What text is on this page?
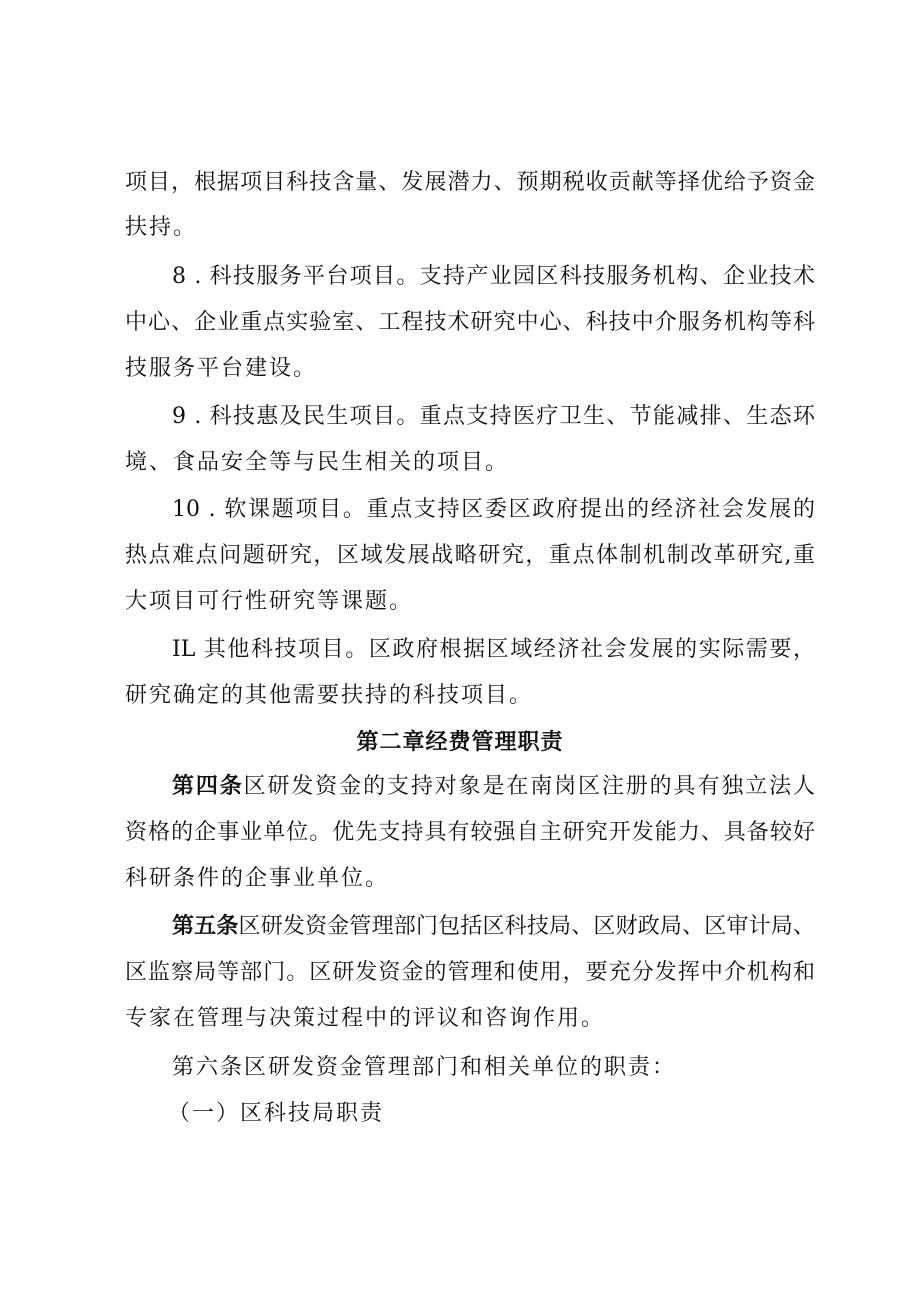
项目，根据项目科技含量、发展潜力、预期税收贡献等择优给予资金
扶持。
8 . 科技服务平台项目。支持产业园区科技服务机构、企业技术
中心、企业重点实验室、工程技术研究中心、科技中介服务机构等科
技服务平台建设。
9 . 科技惠及民生项目。重点支持医疗卫生、节能减排、生态环
境、食品安全等与民生相关的项目。
10 . 软课题项目。重点支持区委区政府提出的经济社会发展的
热点难点问题研究，区域发展战略研究，重点体制机制改革研究,重
大项目可行性研究等课题。
IL 其他科技项目。区政府根据区域经济社会发展的实际需要，
研究确定的其他需要扶持的科技项目。
第二章经费管理职责
第四条区研发资金的支持对象是在南岗区注册的具有独立法人
资格的企事业单位。优先支持具有较强自主研究开发能力、具备较好
科研条件的企事业单位。
第五条区研发资金管理部门包括区科技局、区财政局、区审计局、
区监察局等部门。区研发资金的管理和使用，要充分发挥中介机构和
专家在管理与决策过程中的评议和咨询作用。
第六条区研发资金管理部门和相关单位的职责：
（一）区科技局职责
